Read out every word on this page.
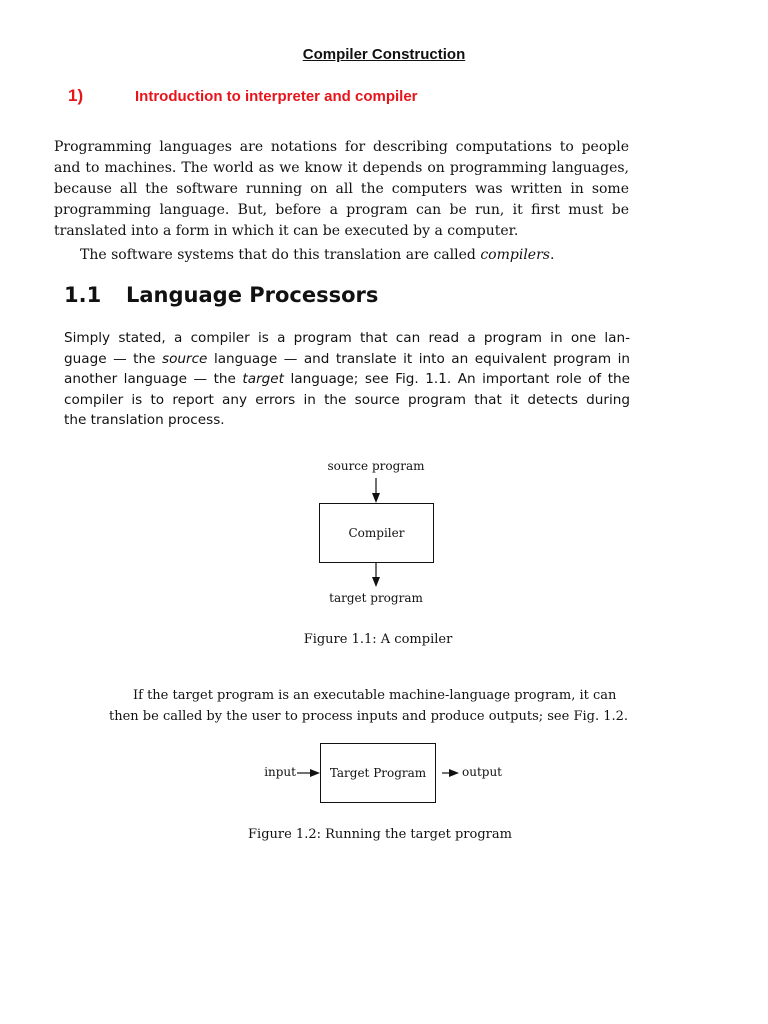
Compiler Construction
1)	Introduction to interpreter and compiler
Programming languages are notations for describing computations to people
and to machines. The world as we know it depends on programming languages,
because all the software running on all the computers was written in some
programming language. But, before a program can be run, it first must be
translated into a form in which it can be executed by a computer.
The software systems that do this translation are called compilers.
1.1 Language Processors
Simply stated, a compiler is a program that can read a program in one lan-
guage — the source language — and translate it into an equivalent program in
another language — the target language; see Fig. 1.1. An important role of the
compiler is to report any errors in the source program that it detects during
the translation process.
source program
Compiler
target program
Figure 1.1: A compiler
If the target program is an executable machine-language program, it can
then be called by the user to process inputs and produce outputs; see Fig. 1.2.
input	Target Program	output
Figure 1.2: Running the target program
